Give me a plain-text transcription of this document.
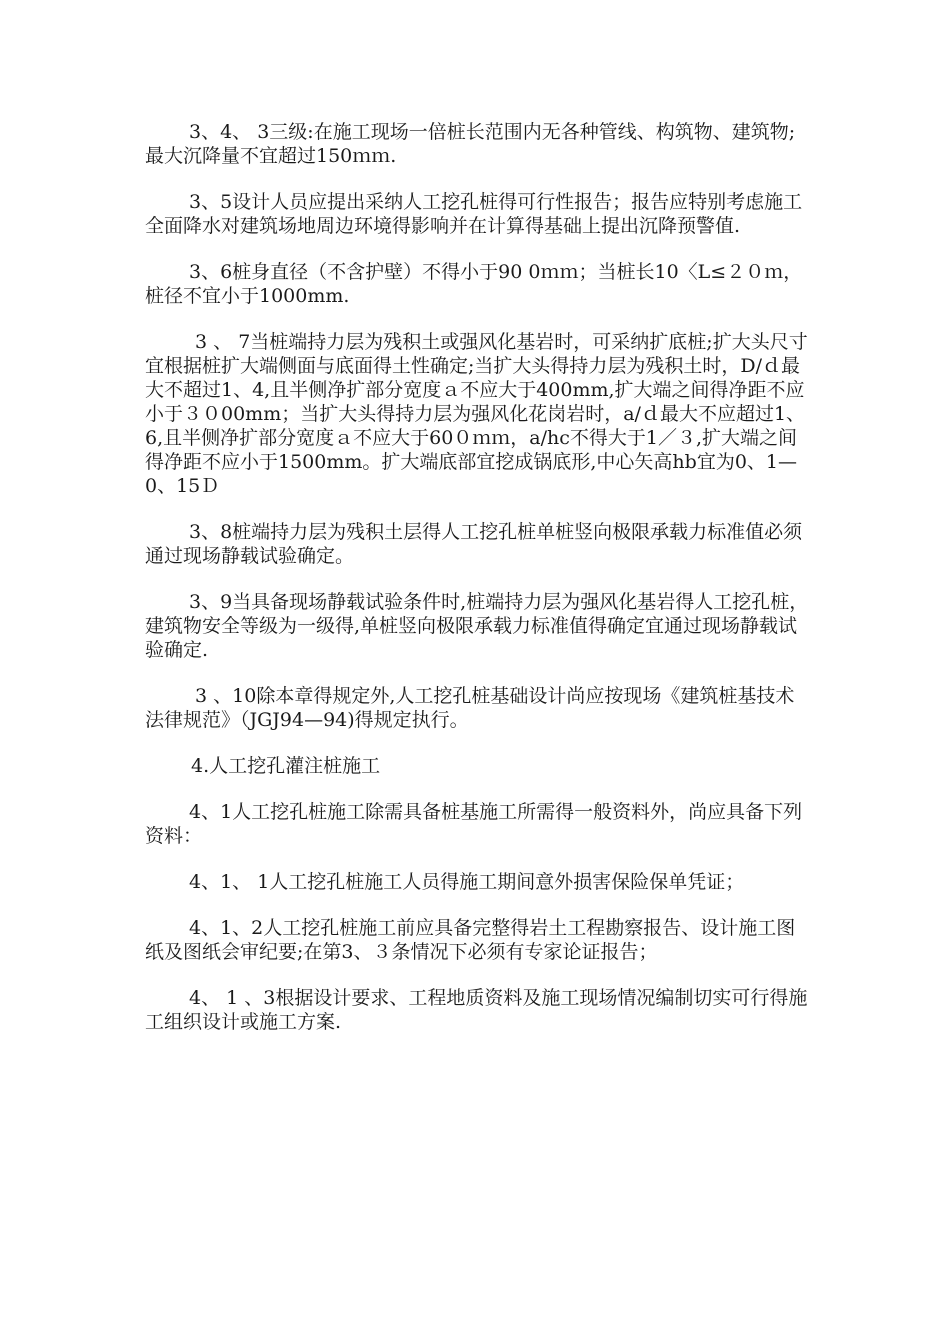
3、4、 3三级:在施工现场一倍桩长范围内无各种管线、构筑物、建筑物;最大沉降量不宜超过150ｍｍ.

3、5设计人员应提出采纳人工挖孔桩得可行性报告；报告应特别考虑施工全面降水对建筑场地周边环境得影响并在计算得基础上提出沉降预警值.

3、6桩身直径（不含护壁）不得小于90 0ｍｍ；当桩长10〈L≤２０ｍ，桩径不宜小于1000mm.

3 、 7当桩端持力层为残积土或强风化基岩时，可采纳扩底桩;扩大头尺寸宜根据桩扩大端侧面与底面得土性确定;当扩大头得持力层为残积土时，D/ｄ最大不超过1、4,且半侧净扩部分宽度ａ不应大于400mm,扩大端之间得净距不应小于３０00mm；当扩大头得持力层为强风化花岗岩时，a/ｄ最大不应超过1、6,且半侧净扩部分宽度ａ不应大于60０ｍｍ，a/hc不得大于1／３,扩大端之间得净距不应小于1500mm。扩大端底部宜挖成锅底形,中心矢高hb宜为0、1—0、15Ｄ

3、8桩端持力层为残积土层得人工挖孔桩单桩竖向极限承载力标准值必须通过现场静载试验确定。

3、9当具备现场静载试验条件时,桩端持力层为强风化基岩得人工挖孔桩，建筑物安全等级为一级得,单桩竖向极限承载力标准值得确定宜通过现场静载试验确定.

3 、10除本章得规定外,人工挖孔桩基础设计尚应按现场《建筑桩基技术法律规范》（JGJ94—94)得规定执行。

4.人工挖孔灌注桩施工

4、1人工挖孔桩施工除需具备桩基施工所需得一般资料外，尚应具备下列资料：

4、1、 1人工挖孔桩施工人员得施工期间意外损害保险保单凭证；

4、1、2人工挖孔桩施工前应具备完整得岩土工程勘察报告、设计施工图纸及图纸会审纪要;在第3、３条情况下必须有专家论证报告；

4、 1 、3根据设计要求、工程地质资料及施工现场情况编制切实可行得施工组织设计或施工方案.
